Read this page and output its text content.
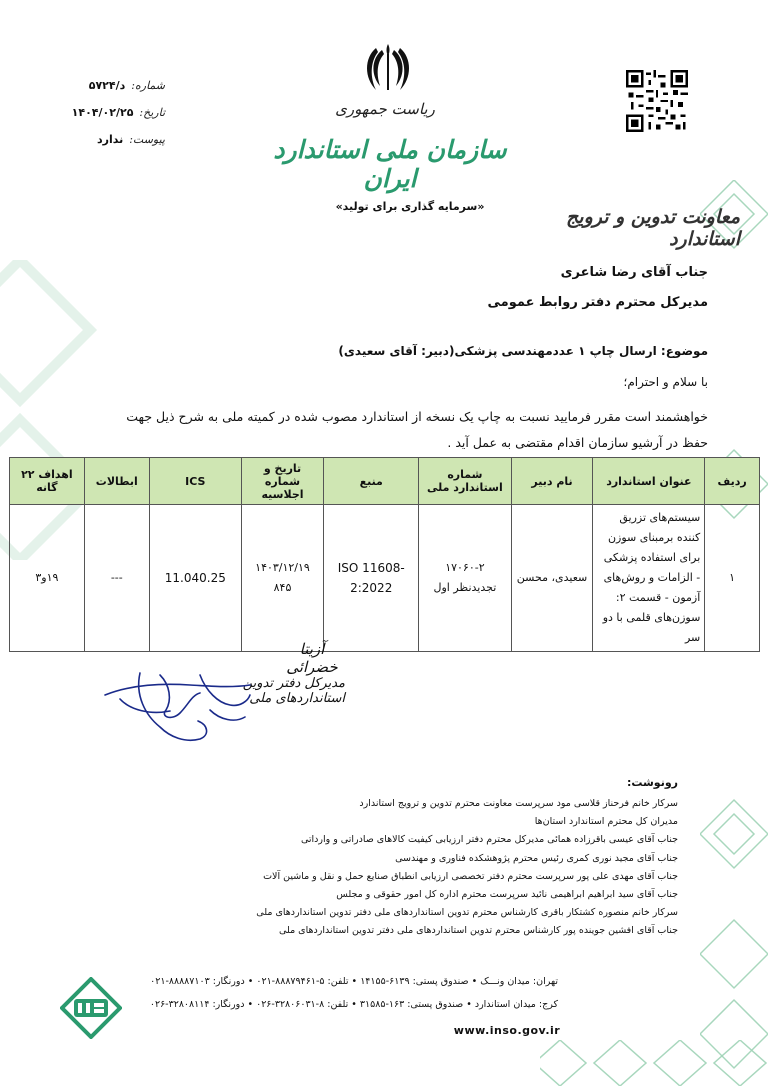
شماره:
د/۵۷۲۴
تاریخ:
۱۴۰۴/۰۲/۲۵
پیوست:
ندارد
ریاست جمهوری
سازمان ملی استاندارد ایران
«سرمایه گذاری برای تولید»	معاونت تدوین و ترویج استاندارد
جناب آقای رضا شاعری
مدیرکل محترم دفتر روابط عمومی
موضوع: ارسال چاپ ۱ عددمهندسی پزشکی(دبیر: آقای سعیدی)
با سلام و احترام؛
خواهشمند است مقرر فرمایید نسبت به چاپ یک نسخه از استاندارد مصوب شده در کمیته ملی به شرح ذیل جهت
حفظ در آرشیو سازمان اقدام مقتضی به عمل آید .
ردیف	عنوان استاندارد	نام دبیر	شماره استاندارد ملی	منبع	تاریخ و شماره اجلاسیه	ICS	ابطالات	اهداف ۲۲ گانه
۱	سیستم‌های تزریق کننده برمبنای سوزن برای استفاده پزشکی - الزامات و روش‌های آزمون - قسمت ۲: سوزن‌های قلمی با دو سر	سعیدی، محسن	۱۷۰۶۰-۲ تجدیدنظر اول	ISO 11608-2:2022	۱۴۰۳/۱۲/۱۹ ۸۴۵	11.040.25	---	۱۹و۳
آزیتا خضرائی
مدیرکل دفتر تدوین استانداردهای ملی
رونوشت:
سرکار خانم فرحناز قلاسی مود سرپرست معاونت محترم تدوین و ترویج استاندارد
مدیران کل محترم استاندارد استان‌ها
جناب آقای عیسی باقرزاده همائی مدیرکل محترم دفتر ارزیابی کیفیت کالاهای صادراتی و وارداتی
جناب آقای مجید نوری کمری رئیس محترم پژوهشکده فناوری و مهندسی
جناب آقای مهدی علی پور سرپرست محترم دفتر تخصصی ارزیابی انطباق صنایع حمل و نقل و ماشین آلات
جناب آقای سید ابراهیم ابراهیمی نائید سرپرست محترم اداره کل امور حقوقی و مجلس
سرکار خانم منصوره کشتکار باقری کارشناس محترم تدوین استانداردهای ملی دفتر تدوین استانداردهای ملی
جناب آقای افشین جوینده پور کارشناس محترم تدوین استانداردهای ملی دفتر تدوین استانداردهای ملی
تهران: میدان ونـــک • صندوق پستی: ۶۱۳۹-۱۴۱۵۵ • تلفن: ۵-۸۸۸۷۹۴۶۱-۰۲۱ • دورنگار: ۸۸۸۸۷۱۰۳-۰۲۱
کرج: میدان استاندارد • صندوق پستی: ۱۶۳-۳۱۵۸۵ • تلفن: ۸-۳۲۸۰۶۰۳۱-۰۲۶ • دورنگار: ۳۲۸۰۸۱۱۴-۰۲۶
www.inso.gov.ir
